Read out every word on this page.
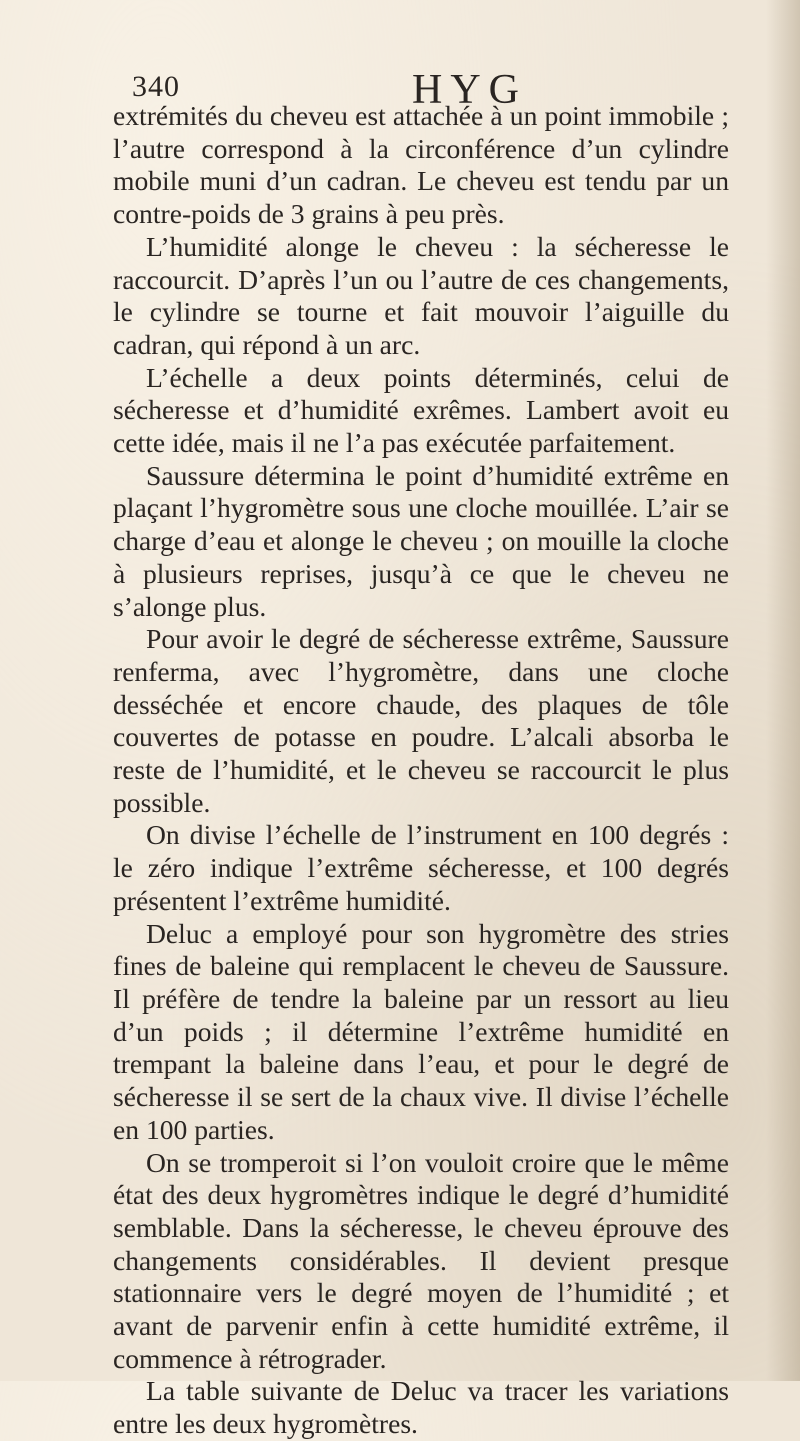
340	HYG

extrémités du cheveu est attachée à un point immobile ; l’autre correspond à la circonférence d’un cylindre mobile muni d’un cadran. Le cheveu est tendu par un contre-poids de 3 grains à peu près.

L’humidité alonge le cheveu : la sécheresse le raccourcit. D’après l’un ou l’autre de ces changements, le cylindre se tourne et fait mouvoir l’aiguille du cadran, qui répond à un arc.

L’échelle a deux points déterminés, celui de sécheresse et d’humidité exrêmes. Lambert avoit eu cette idée, mais il ne l’a pas exécutée parfaitement.

Saussure détermina le point d’humidité extrême en plaçant l’hygromètre sous une cloche mouillée. L’air se charge d’eau et alonge le cheveu ; on mouille la cloche à plusieurs reprises, jusqu’à ce que le cheveu ne s’alonge plus.

Pour avoir le degré de sécheresse extrême, Saussure renferma, avec l’hygromètre, dans une cloche desséchée et encore chaude, des plaques de tôle couvertes de potasse en poudre. L’alcali absorba le reste de l’humidité, et le cheveu se raccourcit le plus possible.

On divise l’échelle de l’instrument en 100 degrés : le zéro indique l’extrême sécheresse, et 100 degrés présentent l’extrême humidité.

Deluc a employé pour son hygromètre des stries fines de baleine qui remplacent le cheveu de Saussure. Il préfère de tendre la baleine par un ressort au lieu d’un poids ; il détermine l’extrême humidité en trempant la baleine dans l’eau, et pour le degré de sécheresse il se sert de la chaux vive. Il divise l’échelle en 100 parties.

On se tromperoit si l’on vouloit croire que le même état des deux hygromètres indique le degré d’humidité semblable. Dans la sécheresse, le cheveu éprouve des changements considérables. Il devient presque stationnaire vers le degré moyen de l’humidité ; et avant de parvenir enfin à cette humidité extrême, il commence à rétrograder.

La table suivante de Deluc va tracer les variations entre les deux hygromètres.
